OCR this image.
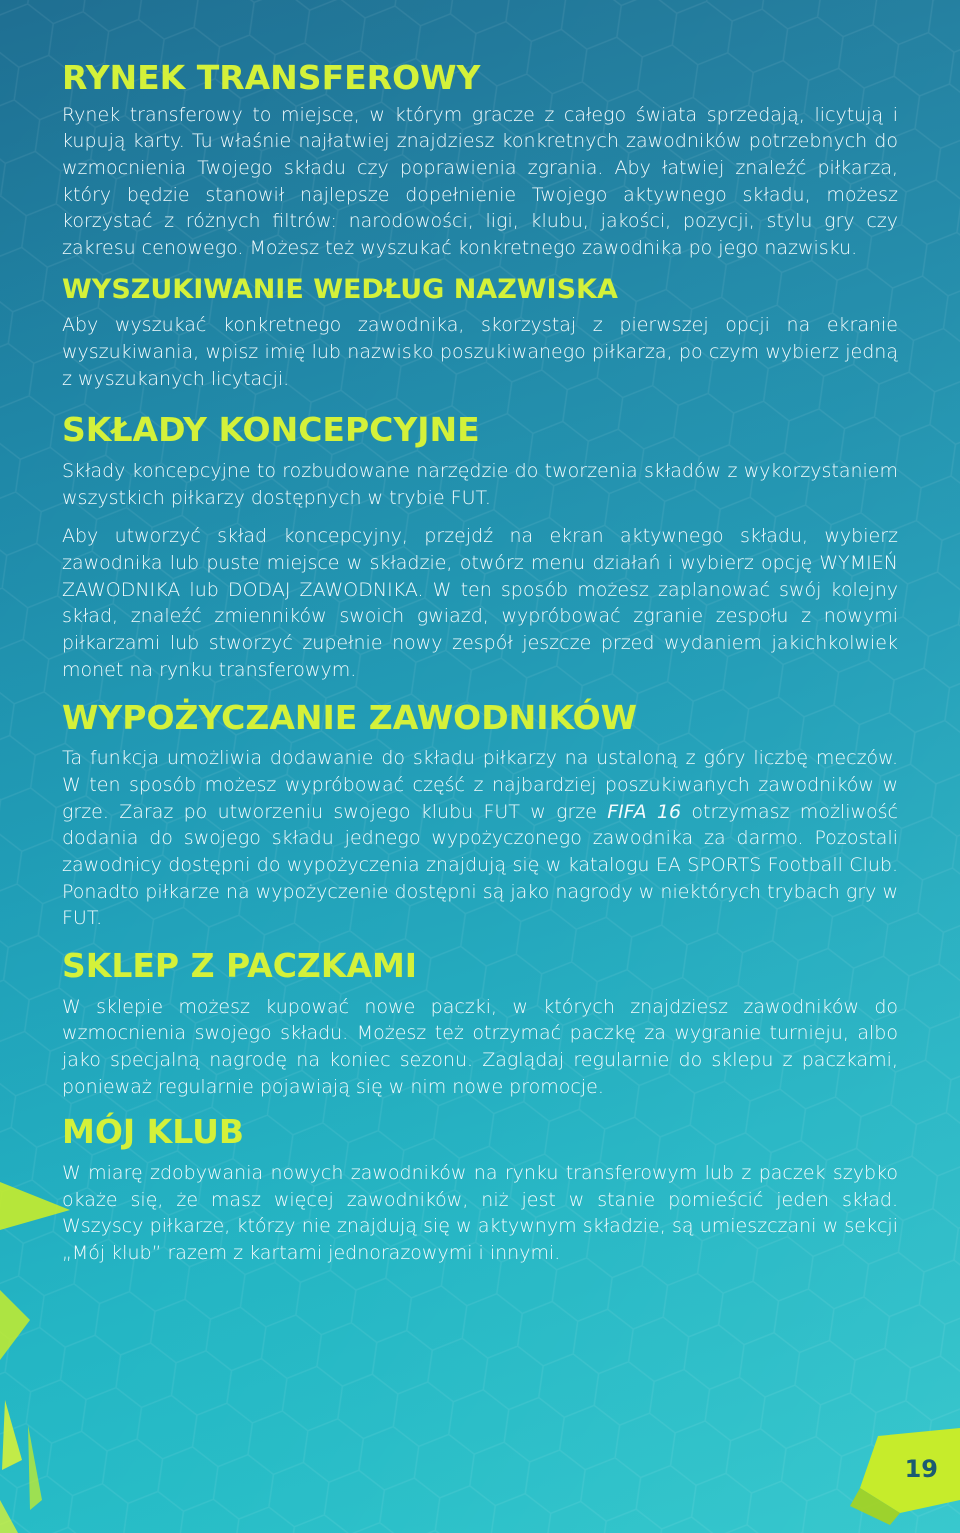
19
RYNEK TRANSFEROWY

Rynek transferowy to miejsce, w którym gracze z całego świata sprzedają, licytują i kupują karty. Tu właśnie najłatwiej znajdziesz konkretnych zawodników potrzebnych do wzmocnienia Twojego składu czy poprawienia zgrania. Aby łatwiej znaleźć piłkarza, który będzie stanowił najlepsze dopełnienie Twojego aktywnego składu, możesz korzystać z różnych filtrów: narodowości, ligi, klubu, jakości, pozycji, stylu gry czy zakresu cenowego. Możesz też wyszukać konkretnego zawodnika po jego nazwisku.

WYSZUKIWANIE WEDŁUG NAZWISKA

Aby wyszukać konkretnego zawodnika, skorzystaj z pierwszej opcji na ekranie wyszukiwania, wpisz imię lub nazwisko poszukiwanego piłkarza, po czym wybierz jedną z wyszukanych licytacji.

SKŁADY KONCEPCYJNE

Składy koncepcyjne to rozbudowane narzędzie do tworzenia składów z wykorzystaniem wszystkich piłkarzy dostępnych w trybie FUT.

Aby utworzyć skład koncepcyjny, przejdź na ekran aktywnego składu, wybierz zawodnika lub puste miejsce w składzie, otwórz menu działań i wybierz opcję WYMIEŃ ZAWODNIKA lub DODAJ ZAWODNIKA. W ten sposób możesz zaplanować swój kolejny skład, znaleźć zmienników swoich gwiazd, wypróbować zgranie zespołu z nowymi piłkarzami lub stworzyć zupełnie nowy zespół jeszcze przed wydaniem jakichkolwiek monet na rynku transferowym.

WYPOŻYCZANIE ZAWODNIKÓW

Ta funkcja umożliwia dodawanie do składu piłkarzy na ustaloną z góry liczbę meczów. W ten sposób możesz wypróbować część z najbardziej poszukiwanych zawodników w grze. Zaraz po utworzeniu swojego klubu FUT w grze FIFA 16 otrzymasz możliwość dodania do swojego składu jednego wypożyczonego zawodnika za darmo. Pozostali zawodnicy dostępni do wypożyczenia znajdują się w katalogu EA SPORTS Football Club. Ponadto piłkarze na wypożyczenie dostępni są jako nagrody w niektórych trybach gry w FUT.

SKLEP Z PACZKAMI

W sklepie możesz kupować nowe paczki, w których znajdziesz zawodników do wzmocnienia swojego składu. Możesz też otrzymać paczkę za wygranie turnieju, albo jako specjalną nagrodę na koniec sezonu. Zaglądaj regularnie do sklepu z paczkami, ponieważ regularnie pojawiają się w nim nowe promocje.

MÓJ KLUB

W miarę zdobywania nowych zawodników na rynku transferowym lub z paczek szybko okaże się, że masz więcej zawodników, niż jest w stanie pomieścić jeden skład. Wszyscy piłkarze, którzy nie znajdują się w aktywnym składzie, są umieszczani w sekcji „Mój klub” razem z kartami jednorazowymi i innymi.
